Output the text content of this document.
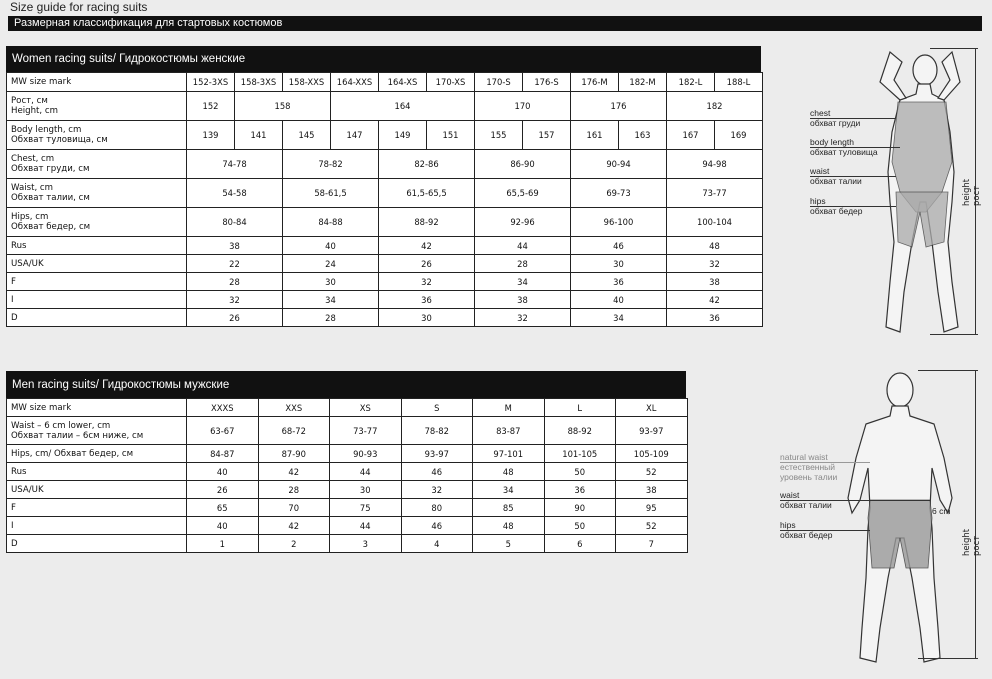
Size guide for racing suits
Размерная классификация для стартовых костюмов
Women racing suits/ Гидрокостюмы женские
MW size mark	152-3XS	158-3XS	158-XXS	164-XXS	164-XS	170-XS	170-S	176-S	176-M	182-M	182-L	188-L	
Рост, см
Height, cm	152	158		164			170		176		182	
Body length, cm
Обхват туловища, см	139	141	145	147	149	151	155	157	161	163	167	169	
Chest, cm
Обхват груди, см	74-78		78-82		82-86		86-90		90-94		94-98		
Waist, cm
Обхват талии, см	54-58		58-61,5		61,5-65,5		65,5-69		69-73		73-77		
Hips, cm
Обхват бедер, см	80-84		84-88		88-92		92-96		96-100		100-104		
Rus	38		40		42		44		46		48		
USA/UK	22		24		26		28		30		32		
F	28		30		32		34		36		38		
I	32		34		36		38		40		42		
D	26		28		30		32		34		36		
Men racing suits/ Гидрокостюмы мужские
MW size mark	XXXS	XXS	XS	S	M	L	XL
Waist – 6 cm lower, cm
Обхват талии – 6см ниже, см	63-67	68-72	73-77	78-82	83-87	88-92	93-97
Hips, cm/ Обхват бедер, см	84-87	87-90	90-93	93-97	97-101	101-105	105-109
Rus	40	42	44	46	48	50	52
USA/UK	26	28	30	32	34	36	38
F	65	70	75	80	85	90	95
I	40	42	44	46	48	50	52
D	1	2	3	4	5	6	7
chest
обхват груди
body length
обхват туловища
waist
обхват талии
hips
обхват бедер
height рост
natural waist
естественный
уровень талии
waist
обхват талии
hips
обхват бедер
6 cm
height рост
